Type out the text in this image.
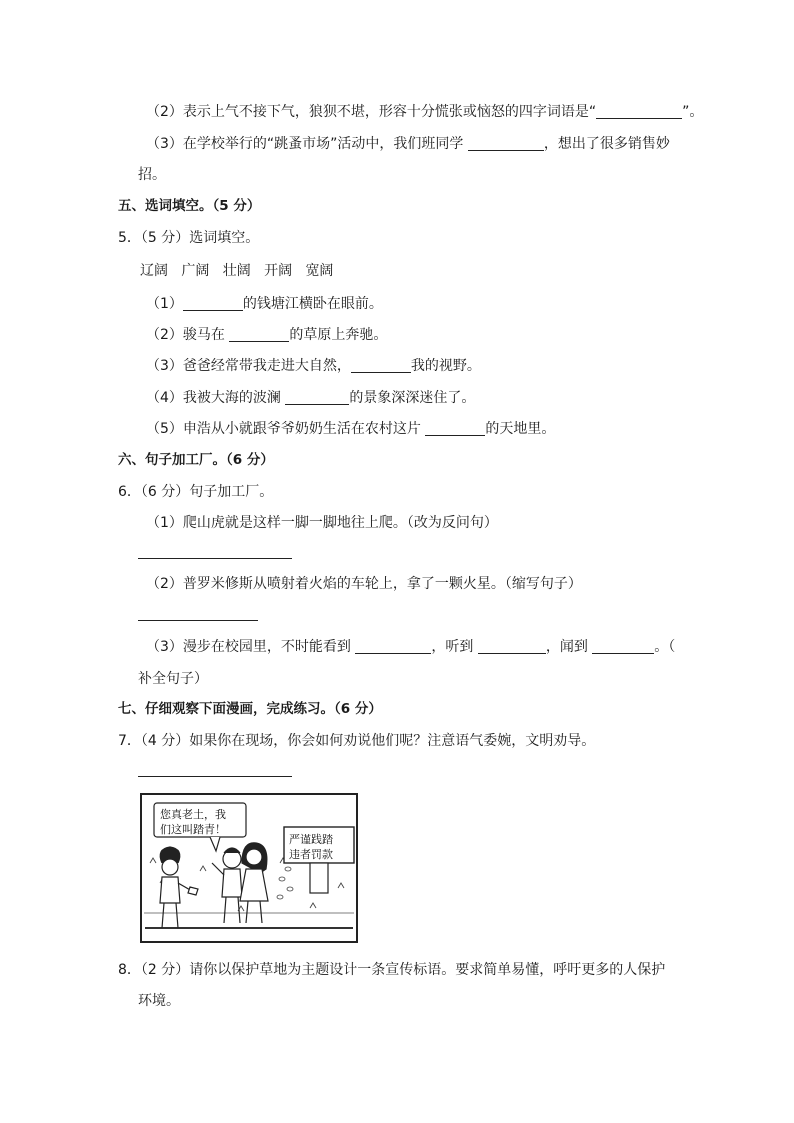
（2）表示上气不接下气，狼狈不堪，形容十分慌张或恼怒的四字词语是“	”。
（3）在学校举行的“跳蚤市场”活动中，我们班同学	，想出了很多销售妙
招。
五、选词填空。（5 分）
5．（5 分）选词填空。
辽阔 广阔 壮阔 开阔 宽阔
（1）	的钱塘江横卧在眼前。
（2）骏马在	的草原上奔驰。
（3）爸爸经常带我走进大自然，	我的视野。
（4）我被大海的波澜	的景象深深迷住了。
（5）申浩从小就跟爷爷奶奶生活在农村这片	的天地里。
六、句子加工厂。（6 分）
6．（6 分）句子加工厂。
（1）爬山虎就是这样一脚一脚地往上爬。（改为反问句）
（2）普罗米修斯从喷射着火焰的车轮上，拿了一颗火星。（缩写句子）
（3）漫步在校园里，不时能看到	，听到	，闻到	。（
补全句子）
七、仔细观察下面漫画，完成练习。（6 分）
7．（4 分）如果你在现场，你会如何劝说他们呢？注意语气委婉，文明劝导。
您真老土，我
们这叫踏青！
严谨践踏
违者罚款
8．（2 分）请你以保护草地为主题设计一条宣传标语。要求简单易懂，呼吁更多的人保护
环境。
